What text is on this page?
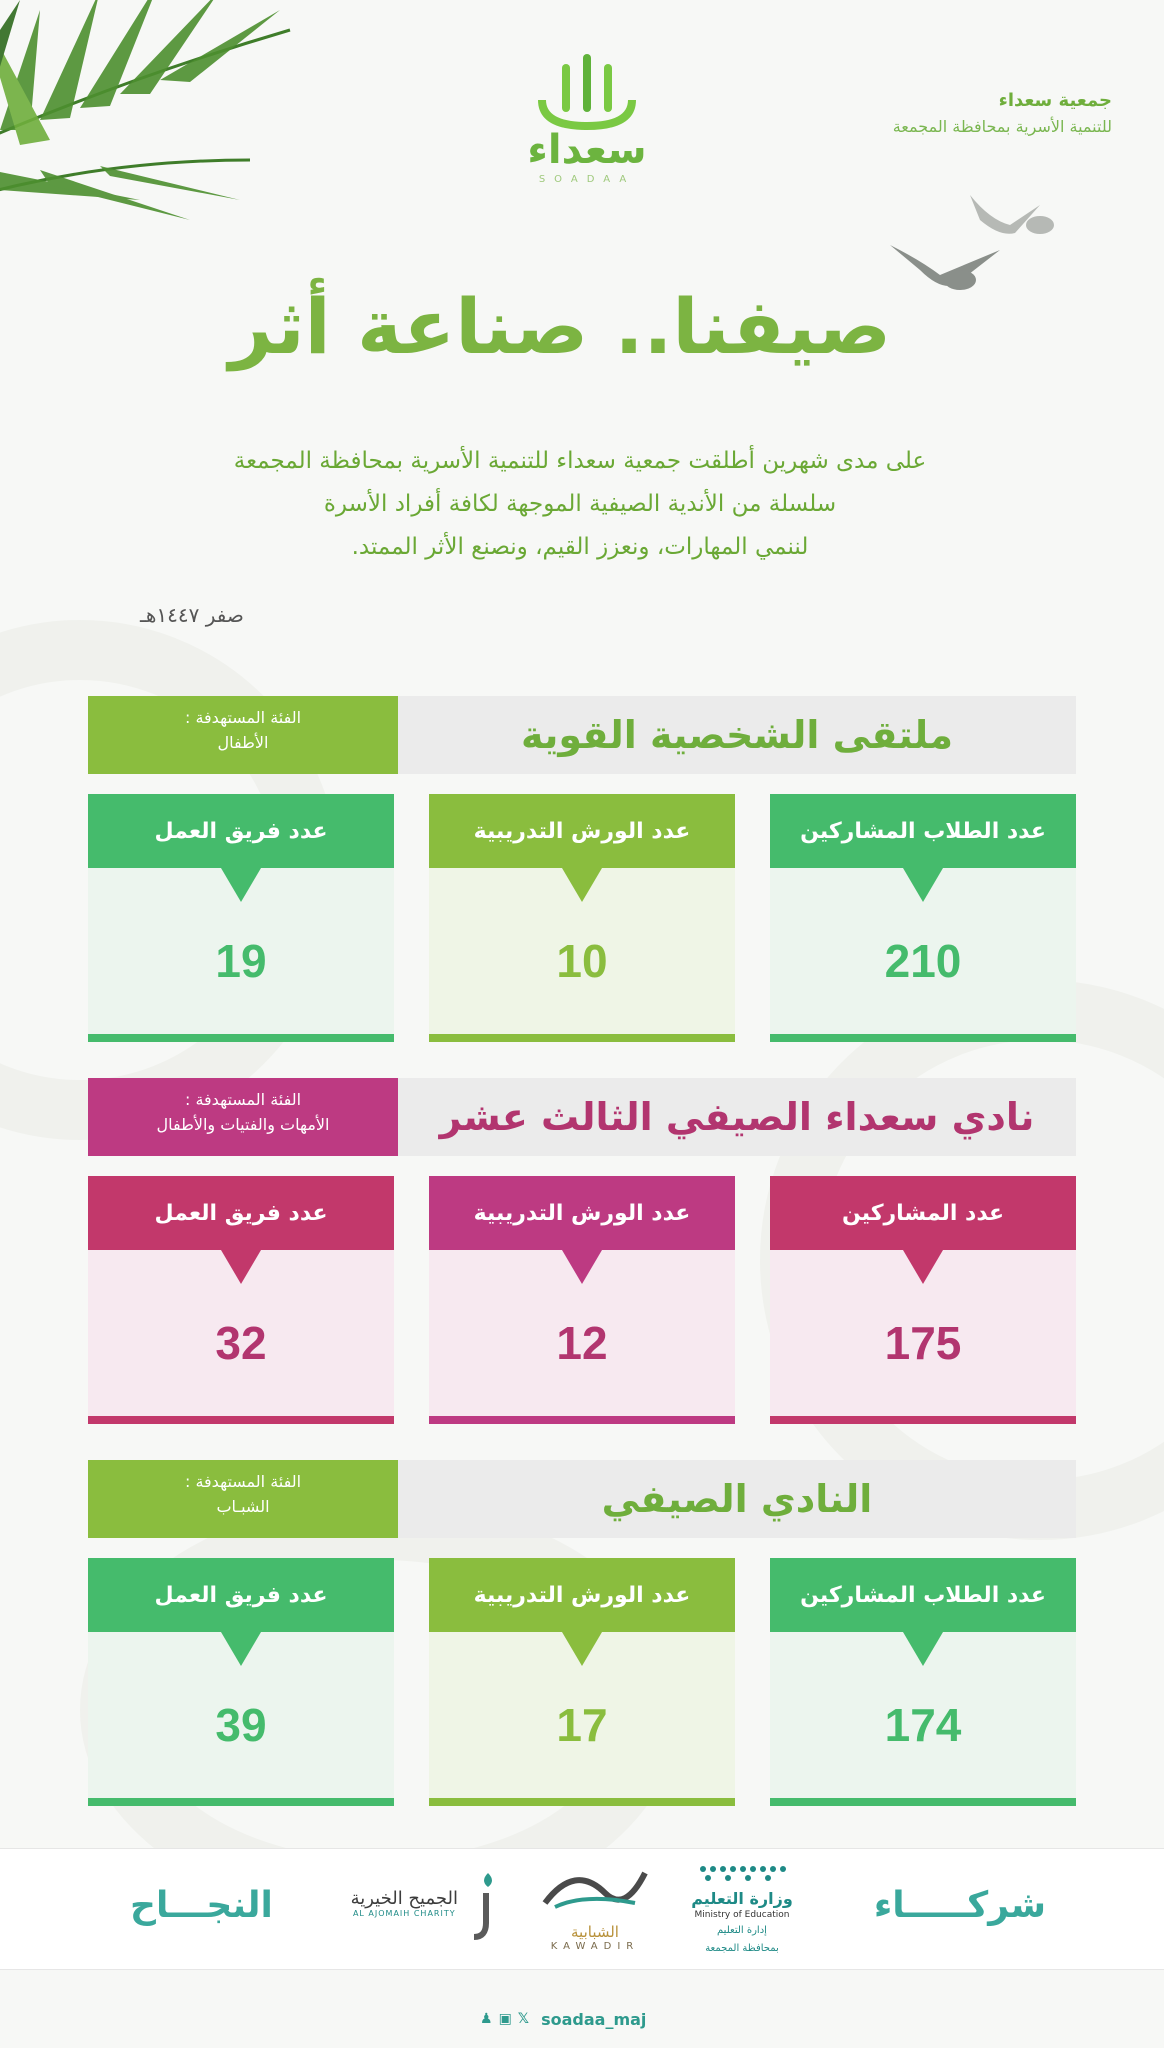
سعداء
SOADAA
جمعية سعداء
للتنمية الأسرية بمحافظة المجمعة
صيفنا.. صناعة أثر

على مدى شهرين أطلقت جمعية سعداء للتنمية الأسرية بمحافظة المجمعة

سلسلة من الأندية الصيفية الموجهة لكافة أفراد الأسرة

لننمي المهارات، ونعزز القيم، ونصنع الأثر الممتد.

صفر ١٤٤٧هـ
ملتقى الشخصية القوية
الفئة المستهدفة :
الأطفال
عدد الطلاب المشاركين
210
عدد الورش التدريبية
10
عدد فريق العمل
19
نادي سعداء الصيفي الثالث عشر
الفئة المستهدفة :
الأمهات والفتيات والأطفال
عدد المشاركين
175
عدد الورش التدريبية
12
عدد فريق العمل
32
النادي الصيفي
الفئة المستهدفة :
الشبـاب
عدد الطلاب المشاركين
174
عدد الورش التدريبية
17
عدد فريق العمل
39
شركـــــاء
وزارة التعليم
Ministry of Education
إدارة التعليم
بمحافظة المجمعة
الشبابية
KAWADIR
الجميح الخيرية
AL AJOMAIH CHARITY
النجـــاح
♟ ▣ 𝕏 soadaa_maj
